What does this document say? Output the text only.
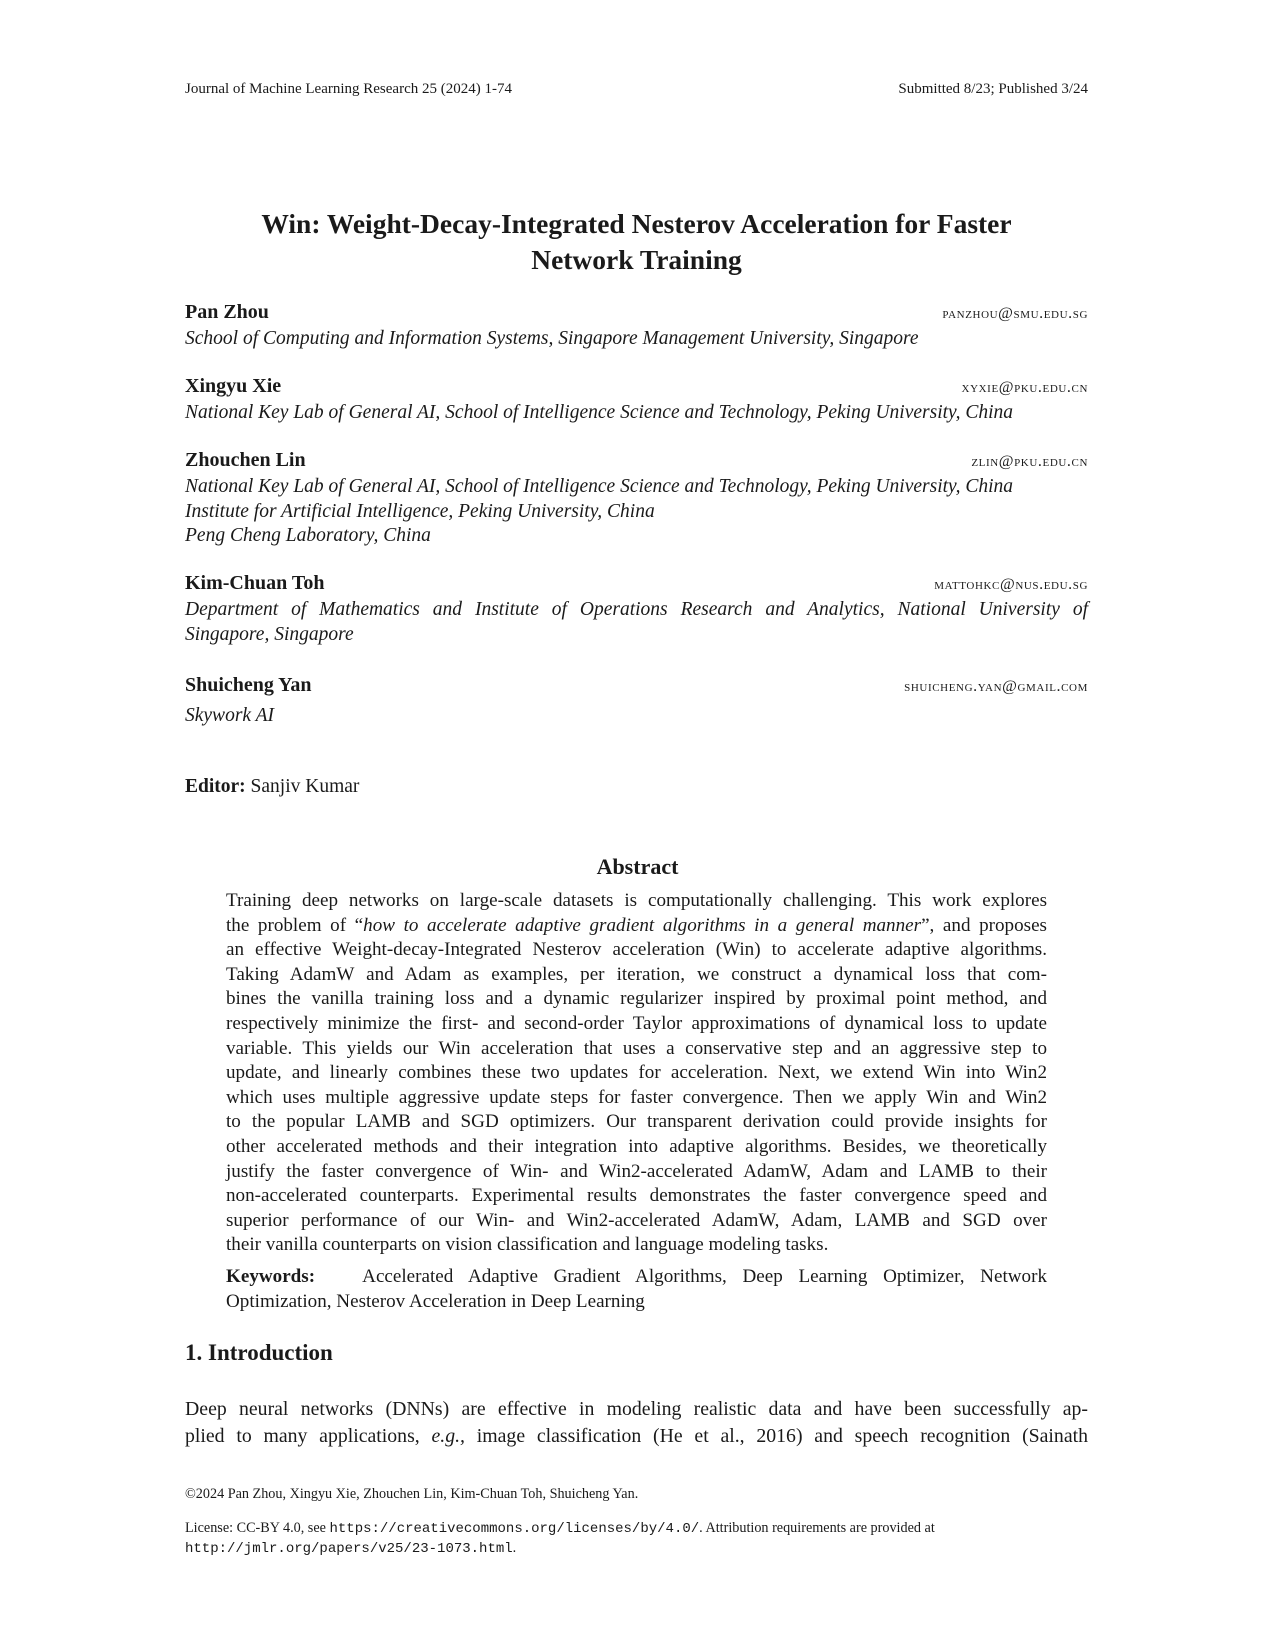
Journal of Machine Learning Research 25 (2024) 1-74	Submitted 8/23; Published 3/24
Win: Weight-Decay-Integrated Nesterov Acceleration for Faster
Network Training
Pan Zhou	panzhou@smu.edu.sg
School of Computing and Information Systems, Singapore Management University, Singapore
Xingyu Xie	xyxie@pku.edu.cn
National Key Lab of General AI, School of Intelligence Science and Technology, Peking University, China
Zhouchen Lin	zlin@pku.edu.cn
National Key Lab of General AI, School of Intelligence Science and Technology, Peking University, China
Institute for Artificial Intelligence, Peking University, China
Peng Cheng Laboratory, China
Kim-Chuan Toh	mattohkc@nus.edu.sg
Department of Mathematics and Institute of Operations Research and Analytics, National University of
Singapore, Singapore
Shuicheng Yan	shuicheng.yan@gmail.com
Skywork AI
Editor: Sanjiv Kumar
Abstract
Training deep networks on large-scale datasets is computationally challenging. This work explores
the problem of “how to accelerate adaptive gradient algorithms in a general manner”, and proposes
an effective Weight-decay-Integrated Nesterov acceleration (Win) to accelerate adaptive algorithms.
Taking AdamW and Adam as examples, per iteration, we construct a dynamical loss that com-
bines the vanilla training loss and a dynamic regularizer inspired by proximal point method, and
respectively minimize the first- and second-order Taylor approximations of dynamical loss to update
variable. This yields our Win acceleration that uses a conservative step and an aggressive step to
update, and linearly combines these two updates for acceleration. Next, we extend Win into Win2
which uses multiple aggressive update steps for faster convergence. Then we apply Win and Win2
to the popular LAMB and SGD optimizers. Our transparent derivation could provide insights for
other accelerated methods and their integration into adaptive algorithms. Besides, we theoretically
justify the faster convergence of Win- and Win2-accelerated AdamW, Adam and LAMB to their
non-accelerated counterparts. Experimental results demonstrates the faster convergence speed and
superior performance of our Win- and Win2-accelerated AdamW, Adam, LAMB and SGD over
their vanilla counterparts on vision classification and language modeling tasks.
Keywords: Accelerated Adaptive Gradient Algorithms, Deep Learning Optimizer, Network
Optimization, Nesterov Acceleration in Deep Learning
1. Introduction
Deep neural networks (DNNs) are effective in modeling realistic data and have been successfully ap-
plied to many applications, e.g., image classification (He et al., 2016) and speech recognition (Sainath
©2024 Pan Zhou, Xingyu Xie, Zhouchen Lin, Kim-Chuan Toh, Shuicheng Yan.
License: CC-BY 4.0, see https://creativecommons.org/licenses/by/4.0/. Attribution requirements are provided at
http://jmlr.org/papers/v25/23-1073.html.
